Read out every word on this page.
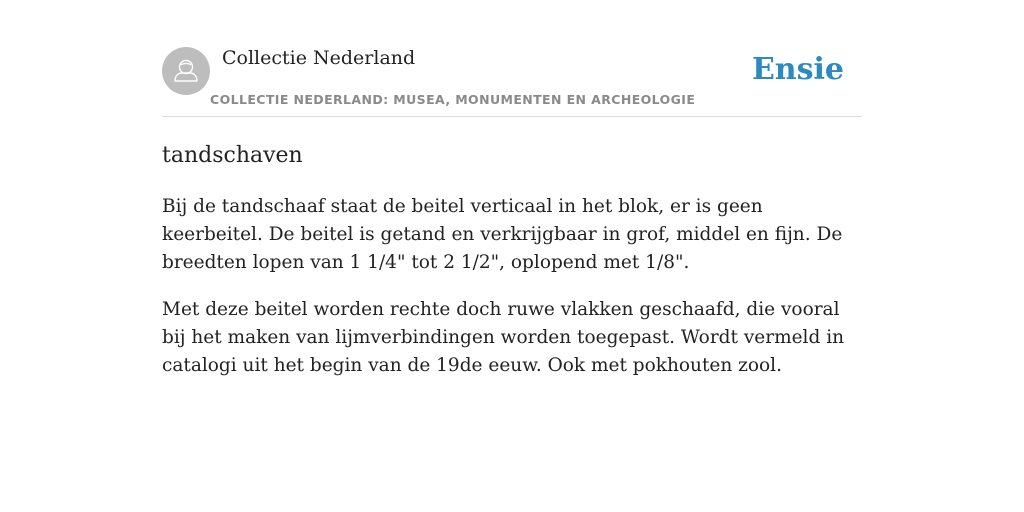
Collectie Nederland
COLLECTIE NEDERLAND: MUSEA, MONUMENTEN EN ARCHEOLOGIE
Ensie
tandschaven

Bij de tandschaaf staat de beitel verticaal in het blok, er is geen keerbeitel. De beitel is getand en verkrijgbaar in grof, middel en fijn. De breedten lopen van 1 1/4" tot 2 1/2", oplopend met 1/8".

Met deze beitel worden rechte doch ruwe vlakken geschaafd, die vooral bij het maken van lijmverbindingen worden toegepast. Wordt vermeld in catalogi uit het begin van de 19de eeuw. Ook met pokhouten zool.
